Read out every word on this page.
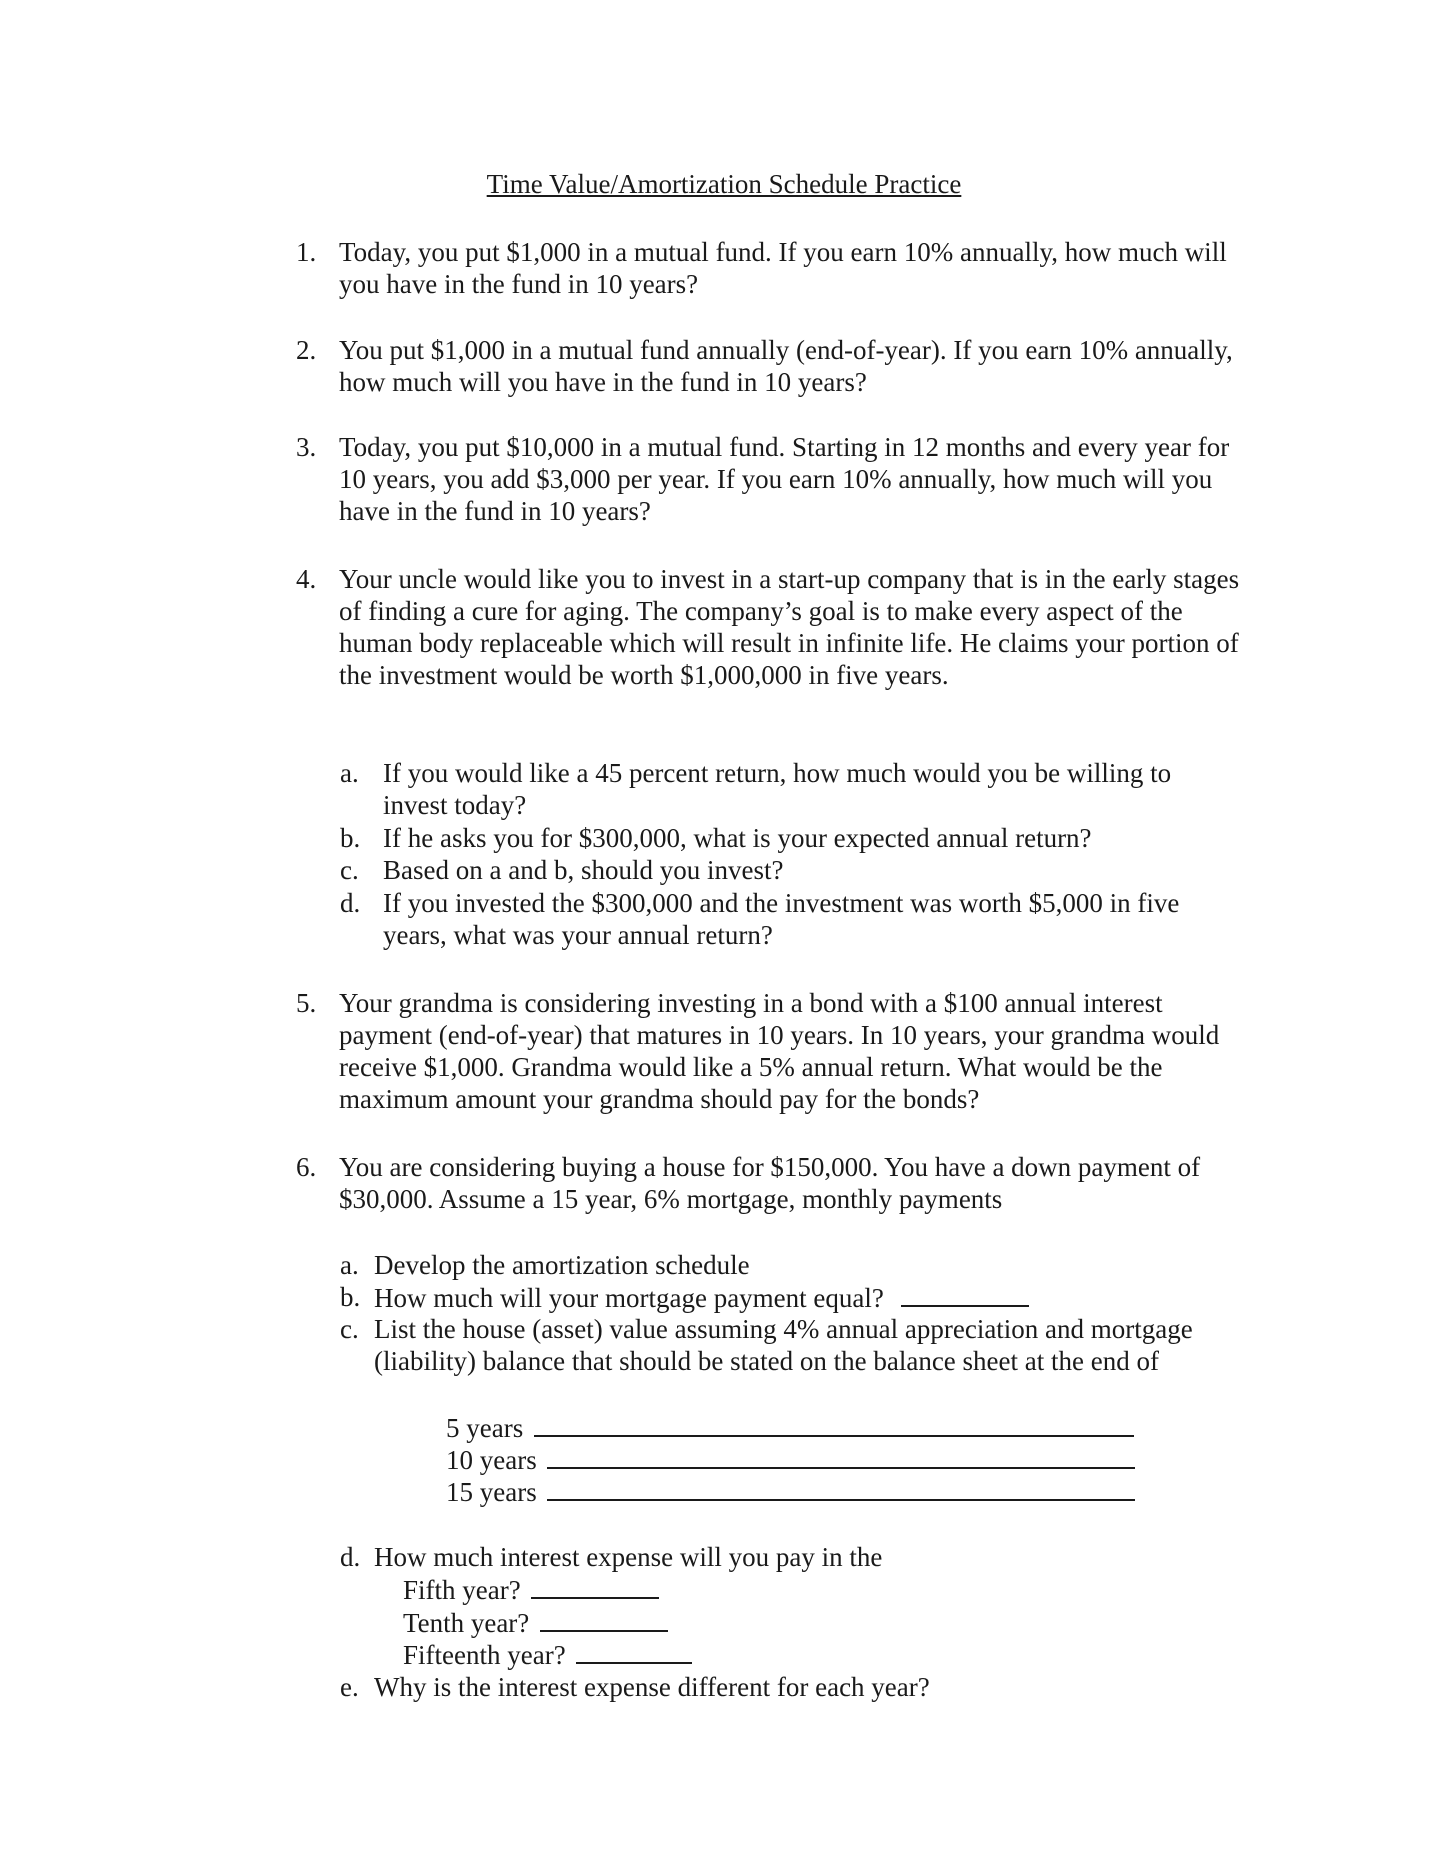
Time Value/Amortization Schedule Practice
1. Today, you put $1,000 in a mutual fund. If you earn 10% annually, how much will you have in the fund in 10 years?
2. You put $1,000 in a mutual fund annually (end-of-year). If you earn 10% annually, how much will you have in the fund in 10 years?
3. Today, you put $10,000 in a mutual fund. Starting in 12 months and every year for 10 years, you add $3,000 per year. If you earn 10% annually, how much will you have in the fund in 10 years?
4. Your uncle would like you to invest in a start-up company that is in the early stages of finding a cure for aging. The company’s goal is to make every aspect of the human body replaceable which will result in infinite life. He claims your portion of the investment would be worth $1,000,000 in five years.
a. If you would like a 45 percent return, how much would you be willing to invest today?
b. If he asks you for $300,000, what is your expected annual return?
c. Based on a and b, should you invest?
d. If you invested the $300,000 and the investment was worth $5,000 in five years, what was your annual return?
5. Your grandma is considering investing in a bond with a $100 annual interest payment (end-of-year) that matures in 10 years. In 10 years, your grandma would receive $1,000. Grandma would like a 5% annual return. What would be the maximum amount your grandma should pay for the bonds?
6. You are considering buying a house for $150,000. You have a down payment of $30,000. Assume a 15 year, 6% mortgage, monthly payments
a. Develop the amortization schedule
b. How much will your mortgage payment equal?
c. List the house (asset) value assuming 4% annual appreciation and mortgage (liability) balance that should be stated on the balance sheet at the end of
5 years
10 years
15 years
d. How much interest expense will you pay in the
Fifth year?
Tenth year?
Fifteenth year?
e. Why is the interest expense different for each year?
